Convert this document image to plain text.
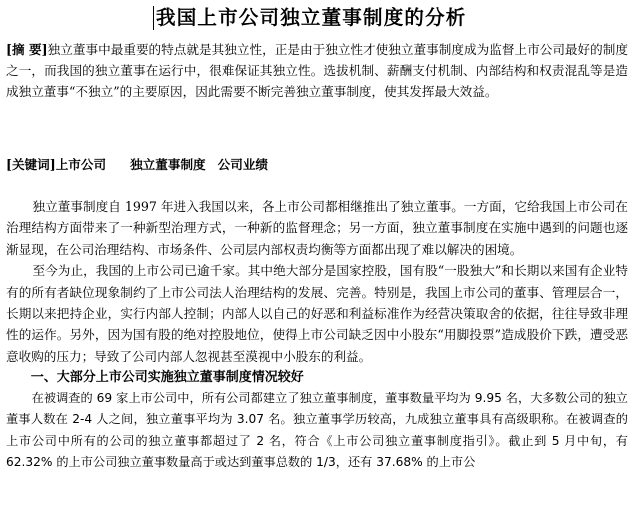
我国上市公司独立董事制度的分析

[摘 要]独立董事中最重要的特点就是其独立性，正是由于独立性才使独立董事制度成为监督上市公司最好的制度之一，而我国的独立董事在运行中，很难保证其独立性。选拔机制、薪酬支付机制、内部结构和权责混乱等是造成独立董事“不独立”的主要原因，因此需要不断完善独立董事制度，使其发挥最大效益。

[关键词]上市公司 独立董事制度 公司业绩

独立董事制度自 1997 年进入我国以来，各上市公司都相继推出了独立董事。一方面，它给我国上市公司在治理结构方面带来了一种新型治理方式，一种新的监督理念；另一方面，独立董事制度在实施中遇到的问题也逐渐显现，在公司治理结构、市场条件、公司层内部权责均衡等方面都出现了难以解决的困境。

至今为止，我国的上市公司已逾千家。其中绝大部分是国家控股，国有股“一股独大”和长期以来国有企业特有的所有者缺位现象制约了上市公司法人治理结构的发展、完善。特别是，我国上市公司的董事、管理层合一，长期以来把持企业，实行内部人控制；内部人以自己的好恶和利益标准作为经营决策取舍的依据，往往导致非理性的运作。另外，因为国有股的绝对控股地位，使得上市公司缺乏因中小股东“用脚投票”造成股价下跌，遭受恶意收购的压力；导致了公司内部人忽视甚至漠视中小股东的利益。

一、大部分上市公司实施独立董事制度情况较好

在被调查的 69 家上市公司中，所有公司都建立了独立董事制度，董事数量平均为 9.95 名，大多数公司的独立董事人数在 2-4 人之间，独立董事平均为 3.07 名。独立董事学历较高，九成独立董事具有高级职称。在被调查的上市公司中所有的公司的独立董事都超过了 2 名，符合《上市公司独立董事制度指引》。截止到 5 月中旬，有 62.32% 的上市公司独立董事数量高于或达到董事总数的 1/3，还有 37.68% 的上市公
